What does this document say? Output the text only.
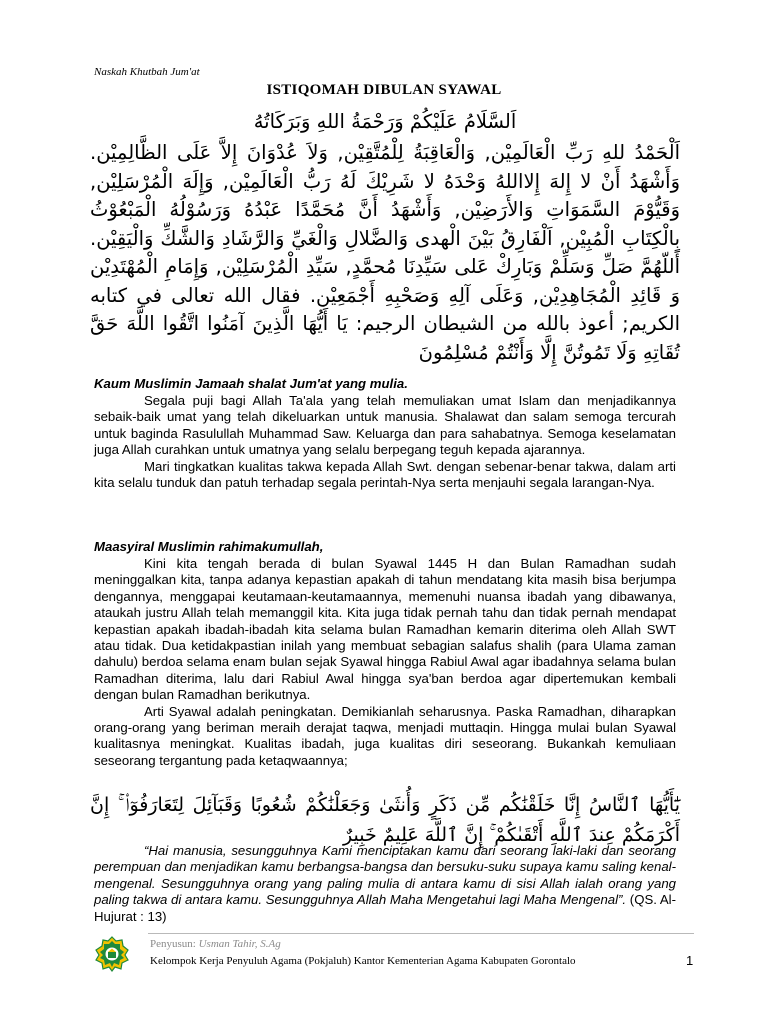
Naskah Khutbah Jum'at
ISTIQOMAH DIBULAN SYAWAL
اَلسَّلَامُ عَلَيْكُمْ وَرَحْمَةُ اللهِ وَبَرَكَاتُهُ
اَلْحَمْدُ للهِ رَبِّ الْعَالَمِيْن, وَالْعَاقِبَةُ لِلْمُتَّقِيْن, وَلاَ عُدْوَانَ إِلاَّ عَلَى الظَّالِمِيْن. وَأَشْهَدُ أَنْ لا إِلهَ إِلااللهُ وَحْدَهُ لا شَرِيْكَ لَهُ رَبُّ الْعَالَمِيْن, وَإِلَهَ الْمُرْسَلِيْن, وَقَيُّوْمَ السَّمَوَاتِ وَالأَرَضِيْن, وَأَشْهَدُ أَنَّ مُحَمَّدًا عَبْدُهُ وَرَسُوْلُهُ الْمَبْعُوْثُ بِالْكِتَابِ الْمُبِيْن, اَلْفَارِقُ بَيْنَ الْهدى وَالضَّلالِ وَالْغَيِّ وَالرَّشَادِ وَالشَّكِّ وَالْيَقِيْن. أَللّهُمَّ صَلِّ وَسَلِّمْ وَبَارِكْ عَلى سَيِّدِنَا مُحمَّدٍ, سَيِّدِ الْمُرْسَلِيْن, وَإِمَامِ الْمُهْتَدِيْن وَ قَائِدِ الْمُجَاهِدِيْن, وَعَلَى آلِهِ وَصَحْبِهِ أَجْمَعِيْن. فقال الله تعالى في كتابه الكريم; أعوذ بالله من الشيطان الرجيم: يَا أَيُّهَا الَّذِينَ آمَنُوا اتَّقُوا اللَّهَ حَقَّ تُقَاتِهِ وَلَا تَمُوتُنَّ إِلَّا وَأَنْتُمْ مُسْلِمُونَ
Kaum Muslimin Jamaah shalat Jum'at yang mulia.

Segala puji bagi Allah Ta'ala yang telah memuliakan umat Islam dan menjadikannya sebaik-baik umat yang telah dikeluarkan untuk manusia. Shalawat dan salam semoga tercurah untuk baginda Rasulullah Muhammad Saw. Keluarga dan para sahabatnya. Semoga keselamatan juga Allah curahkan untuk umatnya yang selalu berpegang teguh kepada ajarannya.

Mari tingkatkan kualitas takwa kepada Allah Swt. dengan sebenar-benar takwa, dalam arti kita selalu tunduk dan patuh terhadap segala perintah-Nya serta menjauhi segala larangan-Nya.

Maasyiral Muslimin rahimakumullah,

Kini kita tengah berada di bulan Syawal 1445 H dan Bulan Ramadhan sudah meninggalkan kita, tanpa adanya kepastian apakah di tahun mendatang kita masih bisa berjumpa dengannya, menggapai keutamaan-keutamaannya, memenuhi nuansa ibadah yang dibawanya, ataukah justru Allah telah memanggil kita. Kita juga tidak pernah tahu dan tidak pernah mendapat kepastian apakah ibadah-ibadah kita selama bulan Ramadhan kemarin diterima oleh Allah SWT atau tidak. Dua ketidakpastian inilah yang membuat sebagian salafus shalih (para Ulama zaman dahulu) berdoa selama enam bulan sejak Syawal hingga Rabiul Awal agar ibadahnya selama bulan Ramadhan diterima, lalu dari Rabiul Awal hingga sya'ban berdoa agar dipertemukan kembali dengan bulan Ramadhan berikutnya.

Arti Syawal adalah peningkatan. Demikianlah seharusnya. Paska Ramadhan, diharapkan orang-orang yang beriman meraih derajat taqwa, menjadi muttaqin. Hingga mulai bulan Syawal kualitasnya meningkat. Kualitas ibadah, juga kualitas diri seseorang. Bukankah kemuliaan seseorang tergantung pada ketaqwaannya;

يَٰٓأَيُّهَا ٱلنَّاسُ إِنَّا خَلَقْنَٰكُم مِّن ذَكَرٍ وَأُنثَىٰ وَجَعَلْنَٰكُمْ شُعُوبًا وَقَبَآئِلَ لِتَعَارَفُوٓا۟ ۚ إِنَّ أَكْرَمَكُمْ عِندَ ٱللَّهِ أَتْقَىٰكُمْ ۚ إِنَّ ٱللَّهَ عَلِيمٌ خَبِيرٌ
“Hai manusia, sesungguhnya Kami menciptakan kamu dari seorang laki-laki dan seorang perempuan dan menjadikan kamu berbangsa-bangsa dan bersuku-suku supaya kamu saling kenal-mengenal. Sesungguhnya orang yang paling mulia di antara kamu di sisi Allah ialah orang yang paling takwa di antara kamu. Sesungguhnya Allah Maha Mengetahui lagi Maha Mengenal”. (QS. Al-Hujurat : 13)
Penyusun: Usman Tahir, S.Ag
Kelompok Kerja Penyuluh Agama (Pokjaluh) Kantor Kementerian Agama Kabupaten Gorontalo	1
